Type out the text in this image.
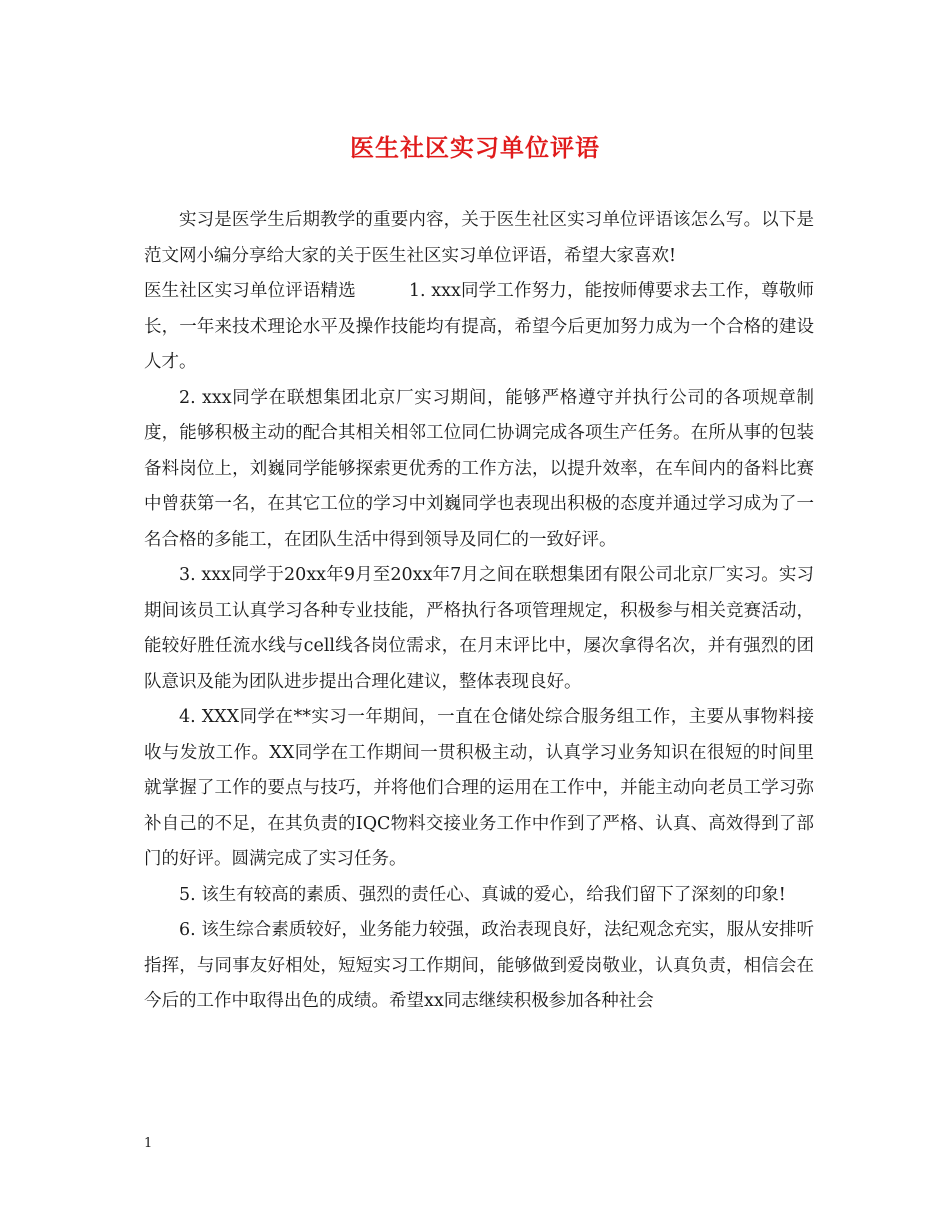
医生社区实习单位评语

实习是医学生后期教学的重要内容，关于医生社区实习单位评语该怎么写。以下是范文网小编分享给大家的关于医生社区实习单位评语，希望大家喜欢!

医生社区实习单位评语精选　　　1. xxx同学工作努力，能按师傅要求去工作，尊敬师长，一年来技术理论水平及操作技能均有提高，希望今后更加努力成为一个合格的建设人才。

2. xxx同学在联想集团北京厂实习期间，能够严格遵守并执行公司的各项规章制度，能够积极主动的配合其相关相邻工位同仁协调完成各项生产任务。在所从事的包装备料岗位上，刘巍同学能够探索更优秀的工作方法，以提升效率，在车间内的备料比赛中曾获第一名，在其它工位的学习中刘巍同学也表现出积极的态度并通过学习成为了一名合格的多能工，在团队生活中得到领导及同仁的一致好评。

3. xxx同学于20xx年9月至20xx年7月之间在联想集团有限公司北京厂实习。实习期间该员工认真学习各种专业技能，严格执行各项管理规定，积极参与相关竞赛活动，能较好胜任流水线与cell线各岗位需求，在月末评比中，屡次拿得名次，并有强烈的团队意识及能为团队进步提出合理化建议，整体表现良好。

4. XXX同学在**实习一年期间，一直在仓储处综合服务组工作，主要从事物料接收与发放工作。XX同学在工作期间一贯积极主动，认真学习业务知识在很短的时间里就掌握了工作的要点与技巧，并将他们合理的运用在工作中，并能主动向老员工学习弥补自己的不足，在其负责的IQC物料交接业务工作中作到了严格、认真、高效得到了部门的好评。圆满完成了实习任务。

5. 该生有较高的素质、强烈的责任心、真诚的爱心，给我们留下了深刻的印象!

6. 该生综合素质较好，业务能力较强，政治表现良好，法纪观念充实，服从安排听指挥，与同事友好相处，短短实习工作期间，能够做到爱岗敬业，认真负责，相信会在今后的工作中取得出色的成绩。希望xx同志继续积极参加各种社会

1
